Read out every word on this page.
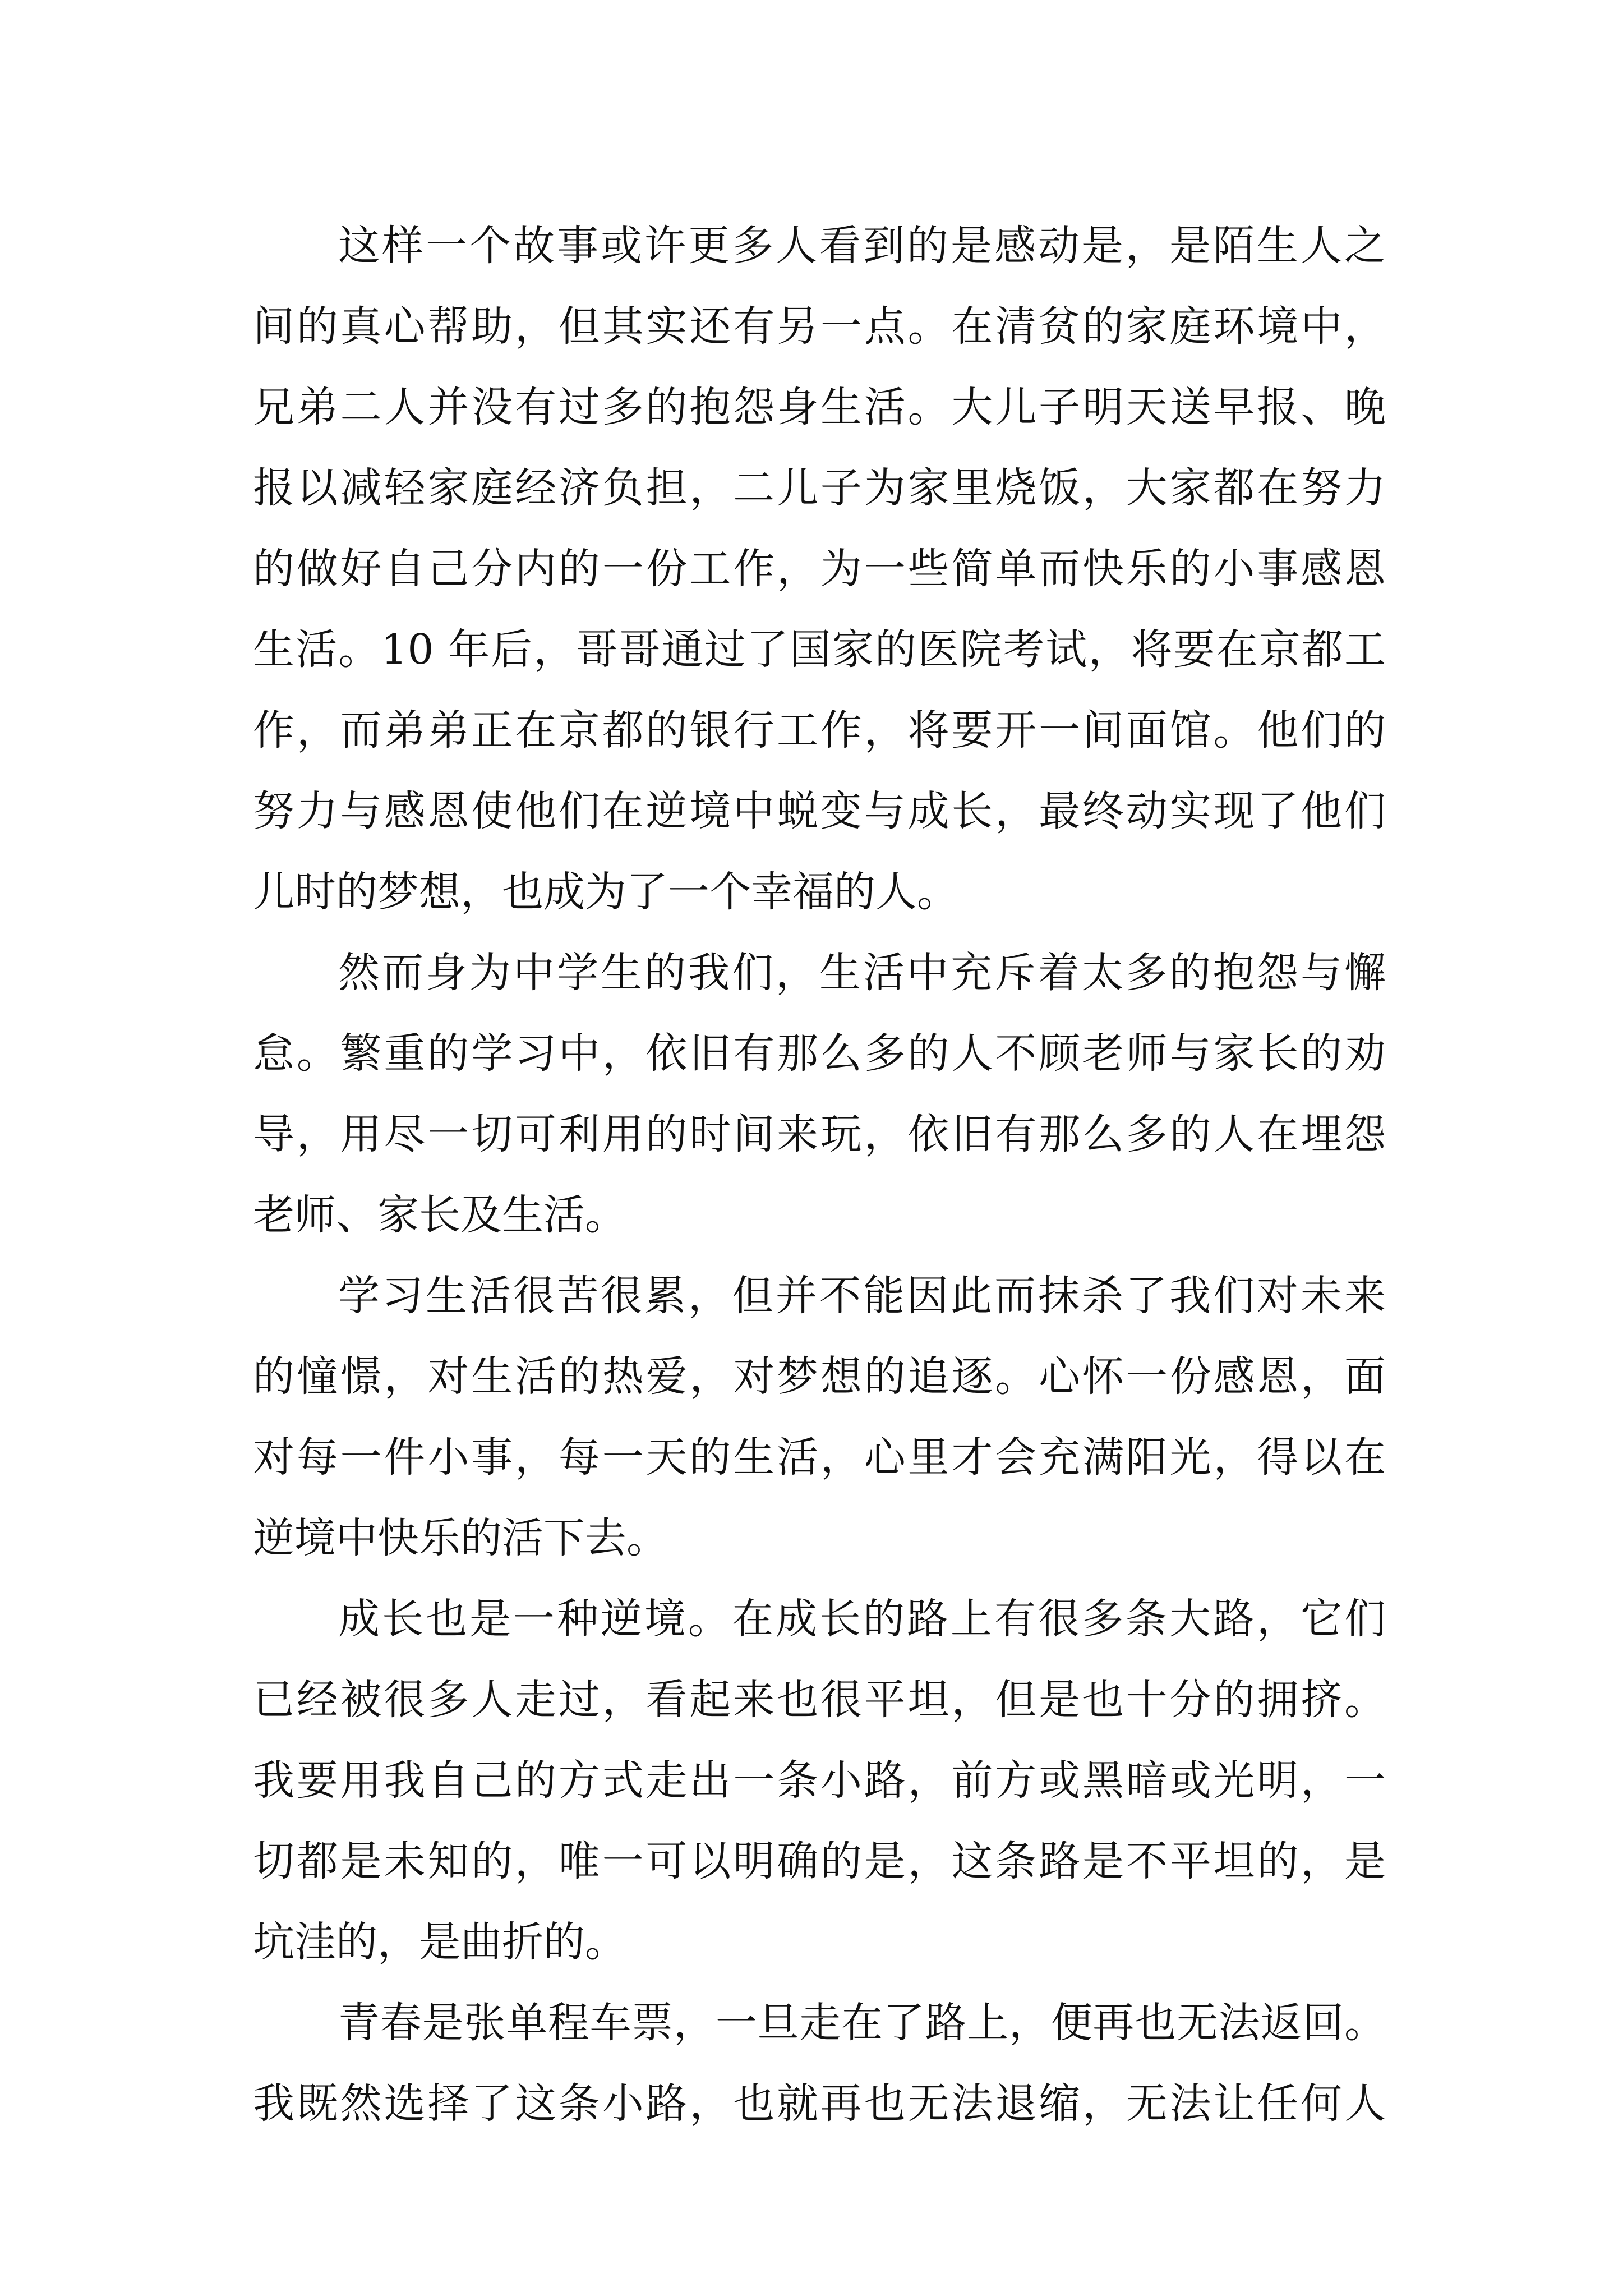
这样一个故事或许更多人看到的是感动是，是陌生人之
间的真心帮助，但其实还有另一点。在清贫的家庭环境中，
兄弟二人并没有过多的抱怨身生活。大儿子明天送早报、晚
报以减轻家庭经济负担，二儿子为家里烧饭，大家都在努力
的做好自己分内的一份工作，为一些简单而快乐的小事感恩
生活。10 年后，哥哥通过了国家的医院考试，将要在京都工
作，而弟弟正在京都的银行工作，将要开一间面馆。他们的
努力与感恩使他们在逆境中蜕变与成长，最终动实现了他们
儿时的梦想，也成为了一个幸福的人。
然而身为中学生的我们，生活中充斥着太多的抱怨与懈
怠。繁重的学习中，依旧有那么多的人不顾老师与家长的劝
导，用尽一切可利用的时间来玩，依旧有那么多的人在埋怨
老师、家长及生活。
学习生活很苦很累，但并不能因此而抹杀了我们对未来
的憧憬，对生活的热爱，对梦想的追逐。心怀一份感恩，面
对每一件小事，每一天的生活，心里才会充满阳光，得以在
逆境中快乐的活下去。
成长也是一种逆境。在成长的路上有很多条大路，它们
已经被很多人走过，看起来也很平坦，但是也十分的拥挤。
我要用我自己的方式走出一条小路，前方或黑暗或光明，一
切都是未知的，唯一可以明确的是，这条路是不平坦的，是
坑洼的，是曲折的。
青春是张单程车票，一旦走在了路上，便再也无法返回。
我既然选择了这条小路，也就再也无法退缩，无法让任何人
